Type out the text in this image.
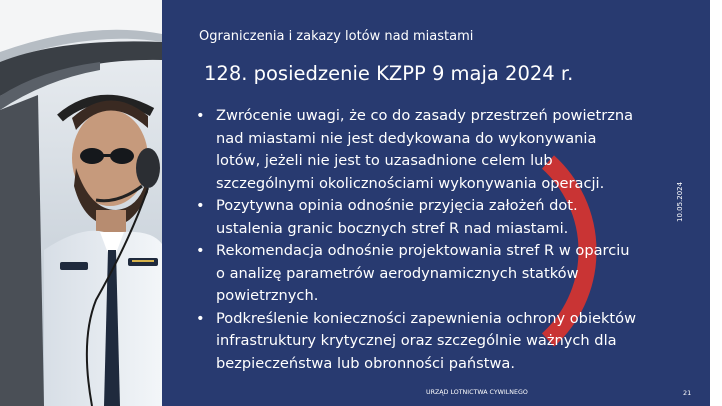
Ograniczenia i zakazy lotów nad miastami
128. posiedzenie KZPP 9 maja 2024 r.
• Zwrócenie uwagi, że co do zasady przestrzeń powietrzna nad miastami nie jest dedykowana do wykonywania lotów, jeżeli nie jest to uzasadnione celem lub szczególnymi okolicznościami wykonywania operacji.
• Pozytywna opinia odnośnie przyjęcia założeń dot. ustalenia granic bocznych stref R nad miastami.
• Rekomendacja odnośnie projektowania stref R w oparciu o analizę parametrów aerodynamicznych statków powietrznych.
• Podkreślenie konieczności zapewnienia ochrony obiektów infrastruktury krytycznej oraz szczególnie ważnych dla bezpieczeństwa lub obronności państwa.
10.05.2024
URZĄD LOTNICTWA CYWILNEGO	21
